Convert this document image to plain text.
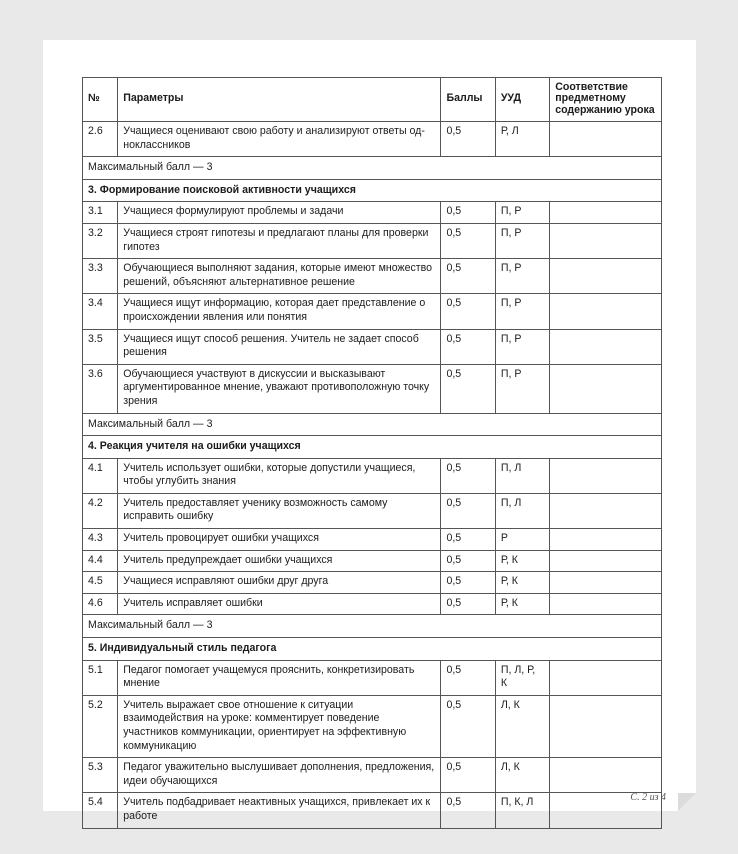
№	Параметры	Баллы	УУД	Соответствие предметному содержанию урока
2.6	Учащиеся оценивают свою работу и анализируют ответы одноклассников	0,5	Р, Л	
Максимальный балл — 3				
3. Формирование поисковой активности учащихся				
3.1	Учащиеся формулируют проблемы и задачи	0,5	П, Р	
3.2	Учащиеся строят гипотезы и предлагают планы для проверки гипотез	0,5	П, Р	
3.3	Обучающиеся выполняют задания, которые имеют множество решений, объясняют альтернативное решение	0,5	П, Р	
3.4	Учащиеся ищут информацию, которая дает представление о происхождении явления или понятия	0,5	П, Р	
3.5	Учащиеся ищут способ решения. Учитель не задает способ решения	0,5	П, Р	
3.6	Обучающиеся участвуют в дискуссии и высказывают аргументированное мнение, уважают противоположную точку зрения	0,5	П, Р	
Максимальный балл — 3				
4. Реакция учителя на ошибки учащихся				
4.1	Учитель использует ошибки, которые допустили учащиеся, чтобы углубить знания	0,5	П, Л	
4.2	Учитель предоставляет ученику возможность самому исправить ошибку	0,5	П, Л	
4.3	Учитель провоцирует ошибки учащихся	0,5	Р	
4.4	Учитель предупреждает ошибки учащихся	0,5	Р, К	
4.5	Учащиеся исправляют ошибки друг друга	0,5	Р, К	
4.6	Учитель исправляет ошибки	0,5	Р, К	
Максимальный балл — 3				
5. Индивидуальный стиль педагога				
5.1	Педагог помогает учащемуся прояснить, конкретизировать мнение	0,5	П, Л, Р, К	
5.2	Учитель выражает свое отношение к ситуации взаимодействия на уроке: комментирует поведение участников коммуникации, ориентирует на эффективную коммуникацию	0,5	Л, К	
5.3	Педагог уважительно выслушивает дополнения, предложения, идеи обучающихся	0,5	Л, К	
5.4	Учитель подбадривает неактивных учащихся, привлекает их к работе	0,5	П, К, Л		С. 2 из 4
